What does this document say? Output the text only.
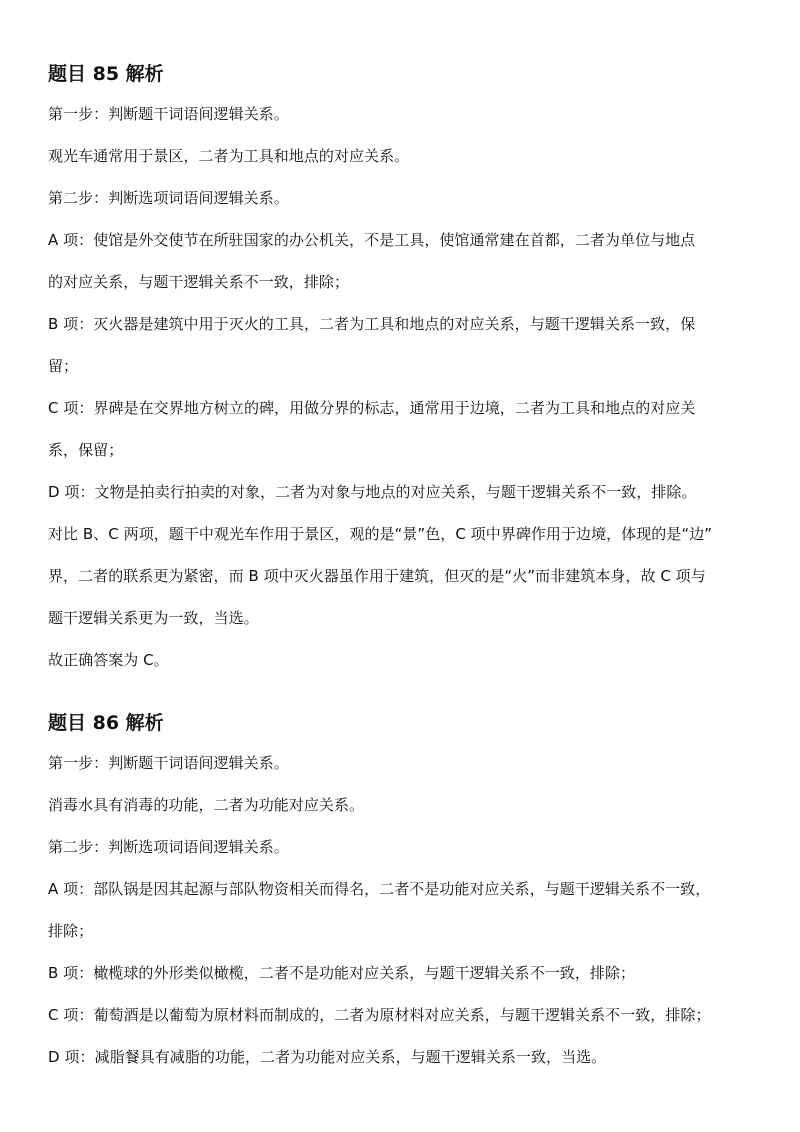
题目 85 解析
第一步：判断题干词语间逻辑关系。
观光车通常用于景区，二者为工具和地点的对应关系。
第二步：判断选项词语间逻辑关系。
A 项：使馆是外交使节在所驻国家的办公机关，不是工具，使馆通常建在首都，二者为单位与地点
的对应关系，与题干逻辑关系不一致，排除；
B 项：灭火器是建筑中用于灭火的工具，二者为工具和地点的对应关系，与题干逻辑关系一致，保
留；
C 项：界碑是在交界地方树立的碑，用做分界的标志，通常用于边境，二者为工具和地点的对应关
系，保留；
D 项：文物是拍卖行拍卖的对象，二者为对象与地点的对应关系，与题干逻辑关系不一致，排除。
对比 B、C 两项，题干中观光车作用于景区，观的是“景”色，C 项中界碑作用于边境，体现的是“边”
界，二者的联系更为紧密，而 B 项中灭火器虽作用于建筑，但灭的是“火”而非建筑本身，故 C 项与
题干逻辑关系更为一致，当选。
故正确答案为 C。
题目 86 解析
第一步：判断题干词语间逻辑关系。
消毒水具有消毒的功能，二者为功能对应关系。
第二步：判断选项词语间逻辑关系。
A 项：部队锅是因其起源与部队物资相关而得名，二者不是功能对应关系，与题干逻辑关系不一致，
排除；
B 项：橄榄球的外形类似橄榄，二者不是功能对应关系，与题干逻辑关系不一致，排除；
C 项：葡萄酒是以葡萄为原材料而制成的，二者为原材料对应关系，与题干逻辑关系不一致，排除；
D 项：减脂餐具有减脂的功能，二者为功能对应关系，与题干逻辑关系一致，当选。
